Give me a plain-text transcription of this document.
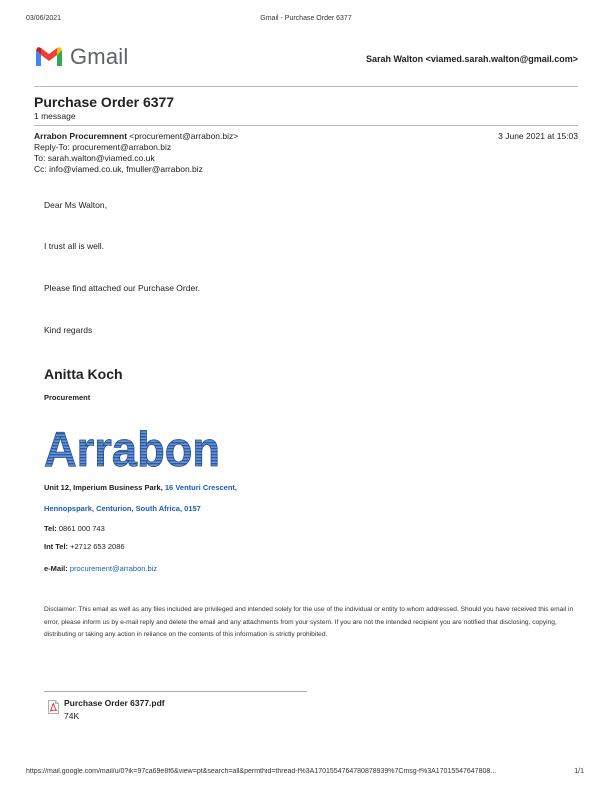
03/06/2021	Gmail - Purchase Order 6377
Gmail	Sarah Walton <viamed.sarah.walton@gmail.com>
Purchase Order 6377
1 message
Arrabon Procuremnent <procurement@arrabon.biz>
Reply-To: procurement@arrabon.biz
To: sarah.walton@viamed.co.uk
Cc: info@viamed.co.uk, fmuller@arrabon.biz
3 June 2021 at 15:03
Dear Ms Walton,
I trust all is well.
Please find attached our Purchase Order.
Kind regards
Anitta Koch
Procurement
Arrabon
Unit 12, Imperium Business Park, 16 Venturi Crescent,
Hennopspark, Centurion, South Africa, 0157
Tel: 0861 000 743
Int Tel: +2712 653 2086
e-Mail: procurement@arrabon.biz
Disclaimer: This email as well as any files included are privileged and intended solely for the use of the individual or entity to whom addressed. Should you have received this email in error, please inform us by e-mail reply and delete the email and any attachments from your system. If you are not the intended recipient you are notified that disclosing, copying, distributing or taking any action in reliance on the contents of this information is strictly prohibited.
Purchase Order 6377.pdf
74K
https://mail.google.com/mail/u/0?ik=97ca69e8f6&view=pt&search=all&permthid=thread-f%3A1701554764780878939%7Cmsg-f%3A17015547647808...	1/1
